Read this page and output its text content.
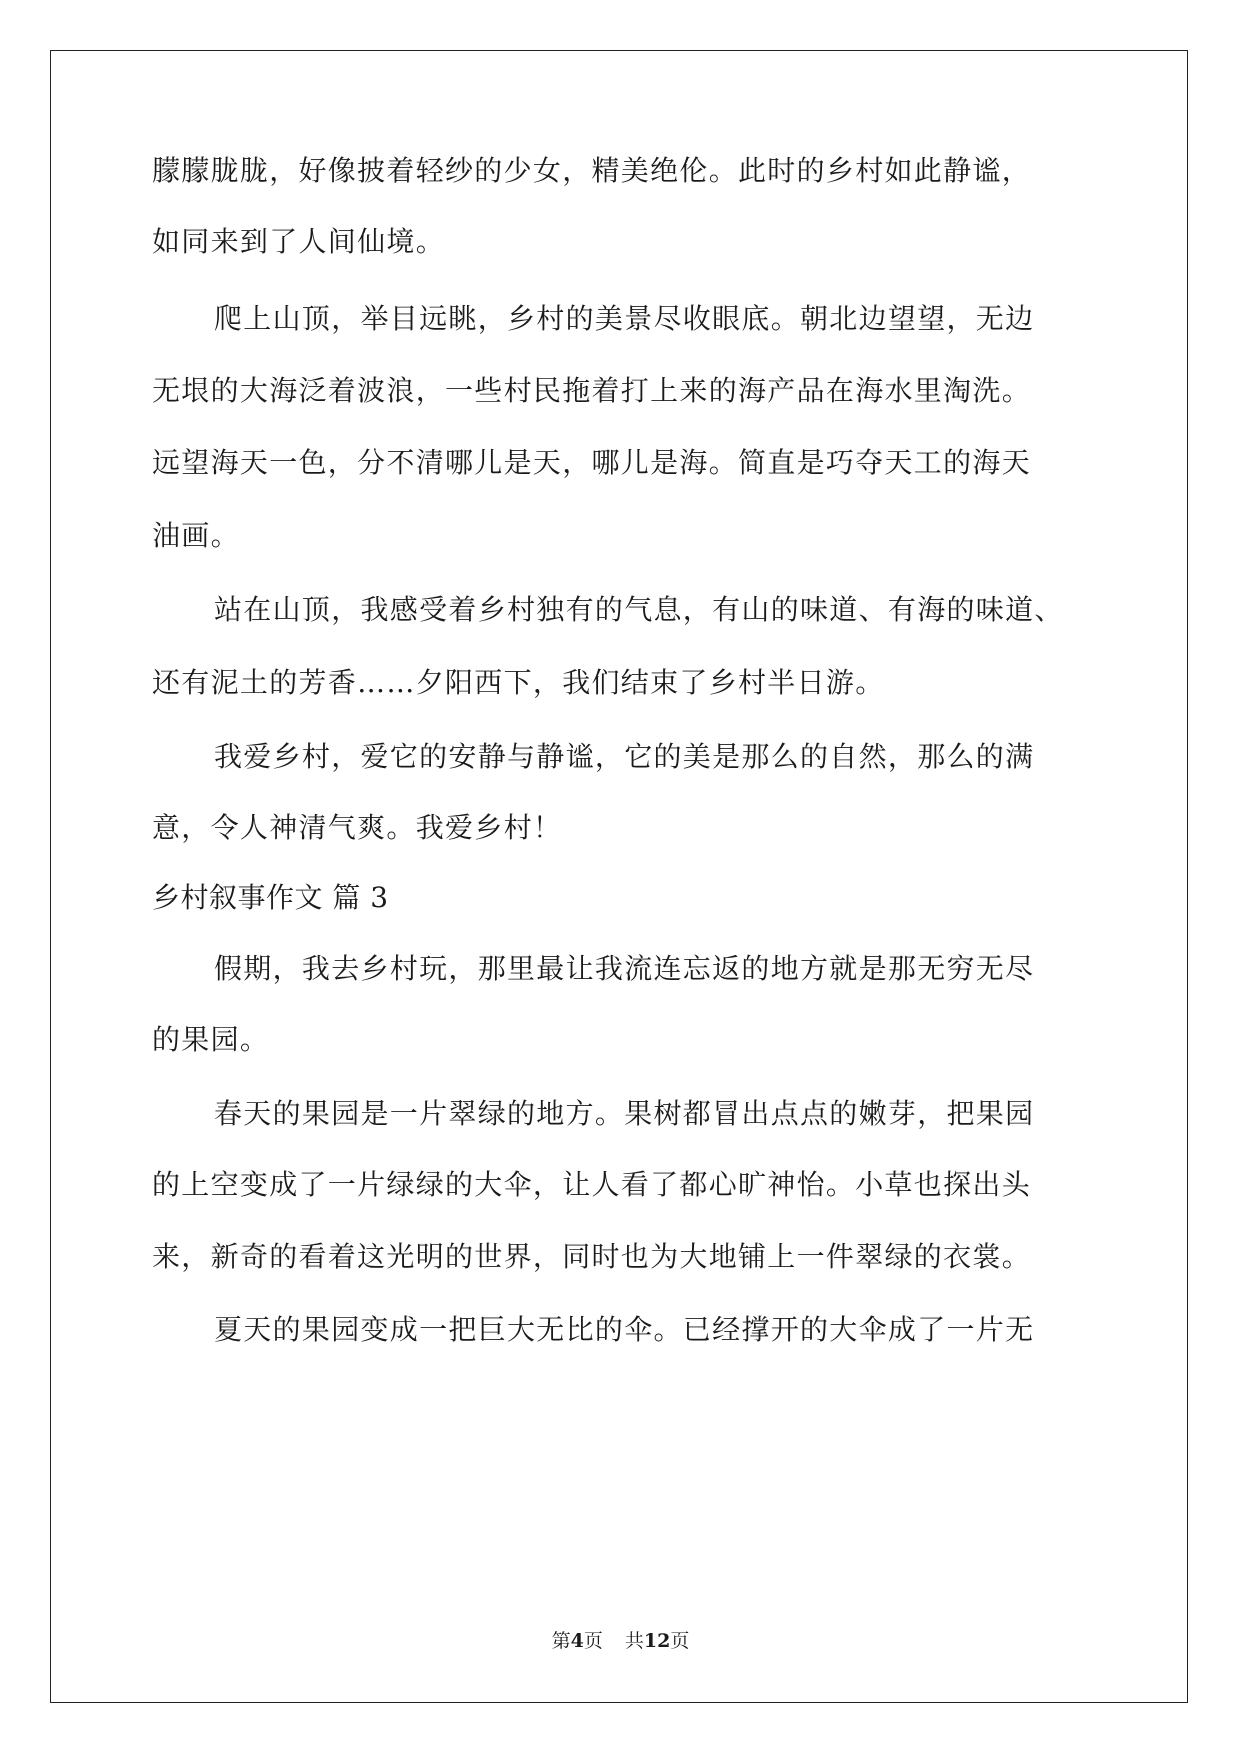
朦朦胧胧，好像披着轻纱的少女，精美绝伦。此时的乡村如此静谧，
如同来到了人间仙境。
爬上山顶，举目远眺，乡村的美景尽收眼底。朝北边望望，无边
无垠的大海泛着波浪，一些村民拖着打上来的海产品在海水里淘洗。
远望海天一色，分不清哪儿是天，哪儿是海。简直是巧夺天工的海天
油画。
站在山顶，我感受着乡村独有的气息，有山的味道、有海的味道、
还有泥土的芳香……夕阳西下，我们结束了乡村半日游。
我爱乡村，爱它的安静与静谧，它的美是那么的自然，那么的满
意，令人神清气爽。我爱乡村！
乡村叙事作文 篇 3
假期，我去乡村玩，那里最让我流连忘返的地方就是那无穷无尽
的果园。
春天的果园是一片翠绿的地方。果树都冒出点点的嫩芽，把果园
的上空变成了一片绿绿的大伞，让人看了都心旷神怡。小草也探出头
来，新奇的看着这光明的世界，同时也为大地铺上一件翠绿的衣裳。
夏天的果园变成一把巨大无比的伞。已经撑开的大伞成了一片无
第4页 共12页
